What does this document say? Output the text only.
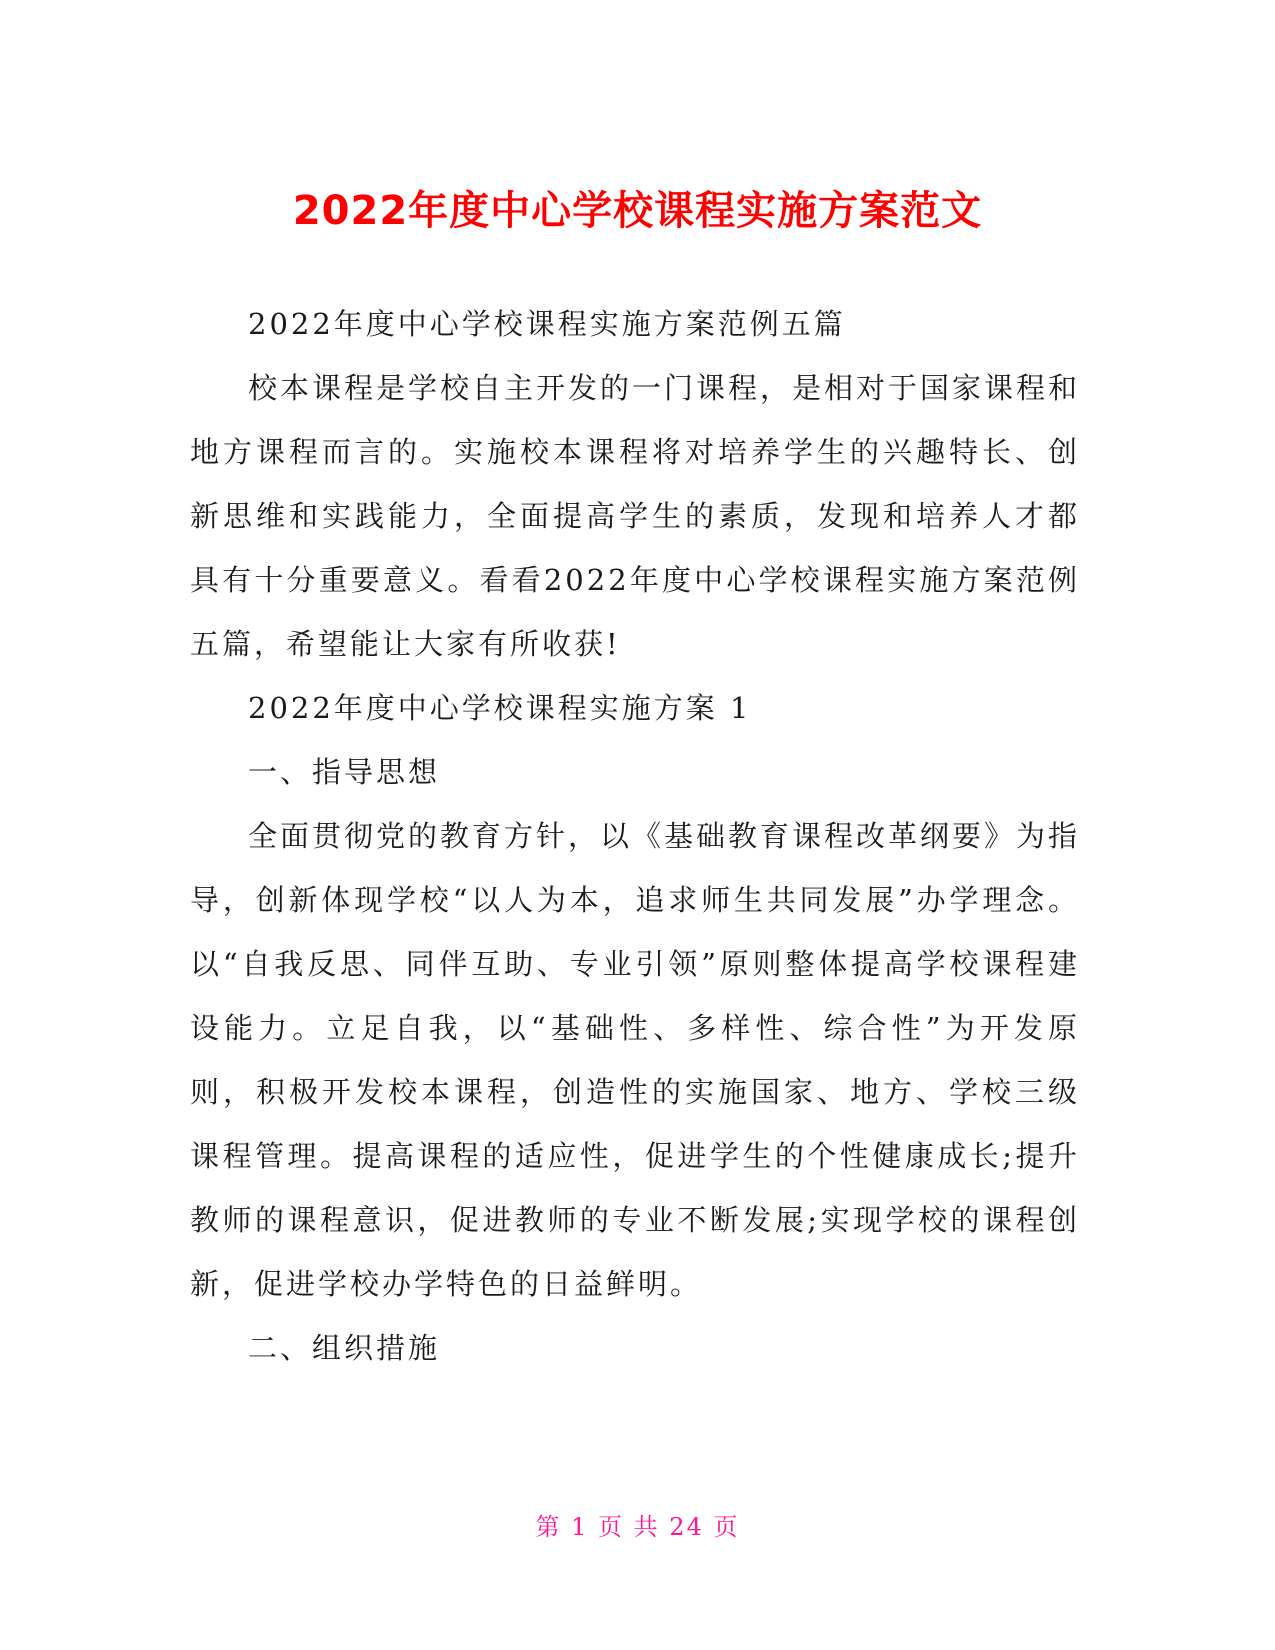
2022年度中心学校课程实施方案范文

2022年度中心学校课程实施方案范例五篇

校本课程是学校自主开发的一门课程，是相对于国家课程和地方课程而言的。实施校本课程将对培养学生的兴趣特长、创新思维和实践能力，全面提高学生的素质，发现和培养人才都具有十分重要意义。看看2022年度中心学校课程实施方案范例五篇，希望能让大家有所收获!

2022年度中心学校课程实施方案 1

一、指导思想

全面贯彻党的教育方针，以《基础教育课程改革纲要》为指导，创新体现学校“以人为本，追求师生共同发展”办学理念。以“自我反思、同伴互助、专业引领”原则整体提高学校课程建设能力。立足自我，以“基础性、多样性、综合性”为开发原则，积极开发校本课程，创造性的实施国家、地方、学校三级课程管理。提高课程的适应性，促进学生的个性健康成长;提升教师的课程意识，促进教师的专业不断发展;实现学校的课程创新，促进学校办学特色的日益鲜明。

二、组织措施

第 1 页 共 24 页
